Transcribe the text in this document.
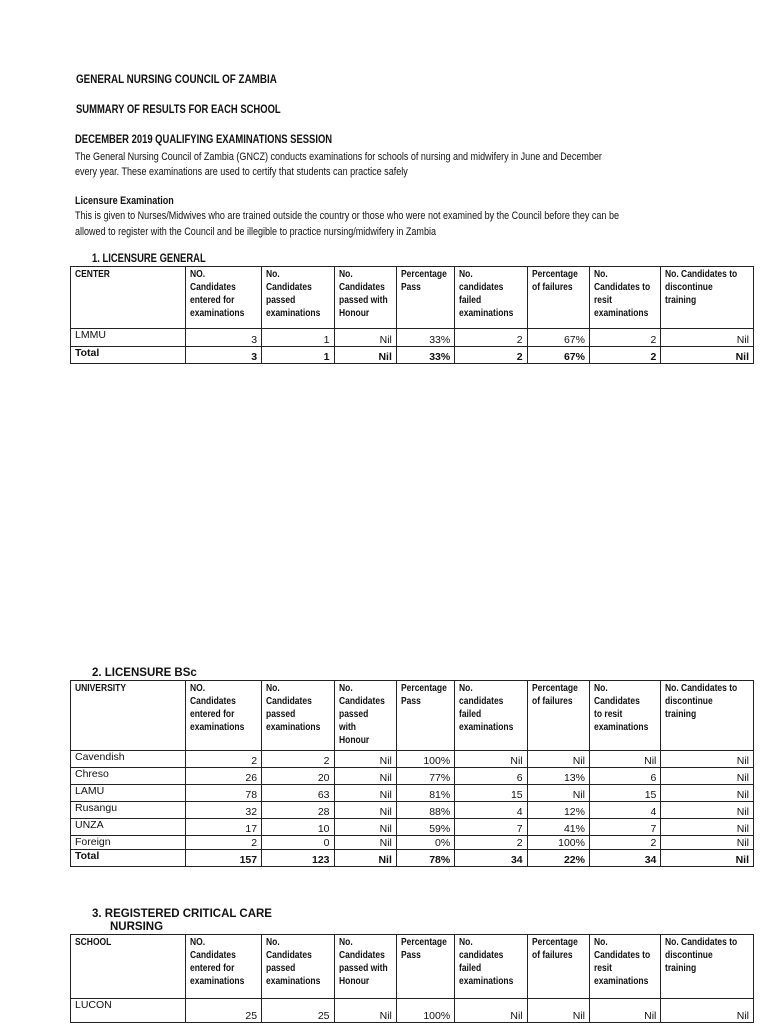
GENERAL NURSING COUNCIL OF ZAMBIA
SUMMARY OF RESULTS FOR EACH SCHOOL
DECEMBER 2019 QUALIFYING EXAMINATIONS SESSION
The General Nursing Council of Zambia (GNCZ) conducts examinations for schools of nursing and midwifery in June and December
every year. These examinations are used to certify that students can practice safely
Licensure Examination
This is given to Nurses/Midwives who are trained outside the country or those who were not examined by the Council before they can be
allowed to register with the Council and be illegible to practice nursing/midwifery in Zambia
1. LICENSURE GENERAL
CENTER	NO.
Candidates
entered for
examinations	No.
Candidates
passed
examinations	No.
Candidates
passed with
Honour	Percentage
Pass	No.
candidates
failed
examinations	Percentage
of failures	No.
Candidates to
resit
examinations	No. Candidates to
discontinue
training
LMMU	3	1	Nil	33%	2	67%	2	Nil
Total	3	1	Nil	33%	2	67%	2	Nil
2. LICENSURE BSc
UNIVERSITY	NO.
Candidates
entered for
examinations	No.
Candidates
passed
examinations	No.
Candidates
passed
with
Honour	Percentage
Pass	No.
candidates
failed
examinations	Percentage
of failures	No.
Candidates
to resit
examinations	No. Candidates to
discontinue
training
Cavendish	2	2	Nil	100%	Nil	Nil	Nil	Nil
Chreso	26	20	Nil	77%	6	13%	6	Nil
LAMU	78	63	Nil	81%	15	Nil	15	Nil
Rusangu	32	28	Nil	88%	4	12%	4	Nil
UNZA	17	10	Nil	59%	7	41%	7	Nil
Foreign	2	0	Nil	0%	2	100%	2	Nil
Total	157	123	Nil	78%	34	22%	34	Nil
3. REGISTERED CRITICAL CARE
NURSING
SCHOOL	NO.
Candidates
entered for
examinations	No.
Candidates
passed
examinations	No.
Candidates
passed with
Honour	Percentage
Pass	No.
candidates
failed
examinations	Percentage
of failures	No.
Candidates to
resit
examinations	No. Candidates to
discontinue
training
LUCON	25	25	Nil	100%	Nil	Nil	Nil	Nil
